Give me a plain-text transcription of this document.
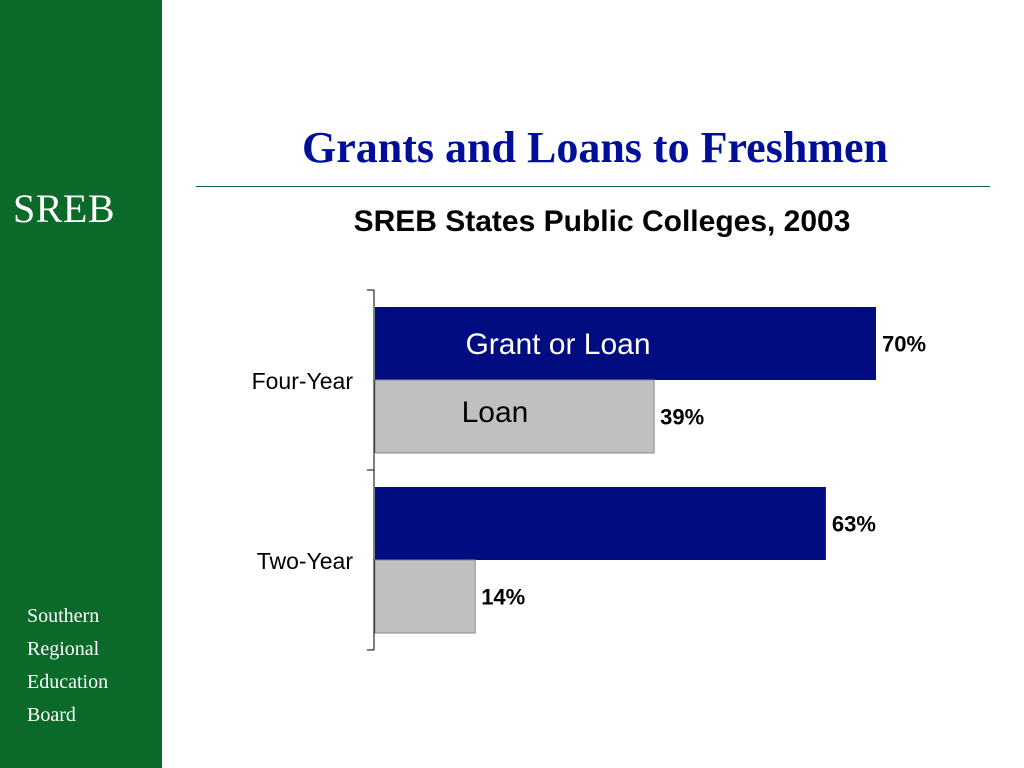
SREB
Southern
Regional
Education
Board
Grants and Loans to Freshmen
SREB States Public Colleges, 2003
Four-Year
70%
39%
Two-Year
63%
14%
Grant or Loan
Loan
